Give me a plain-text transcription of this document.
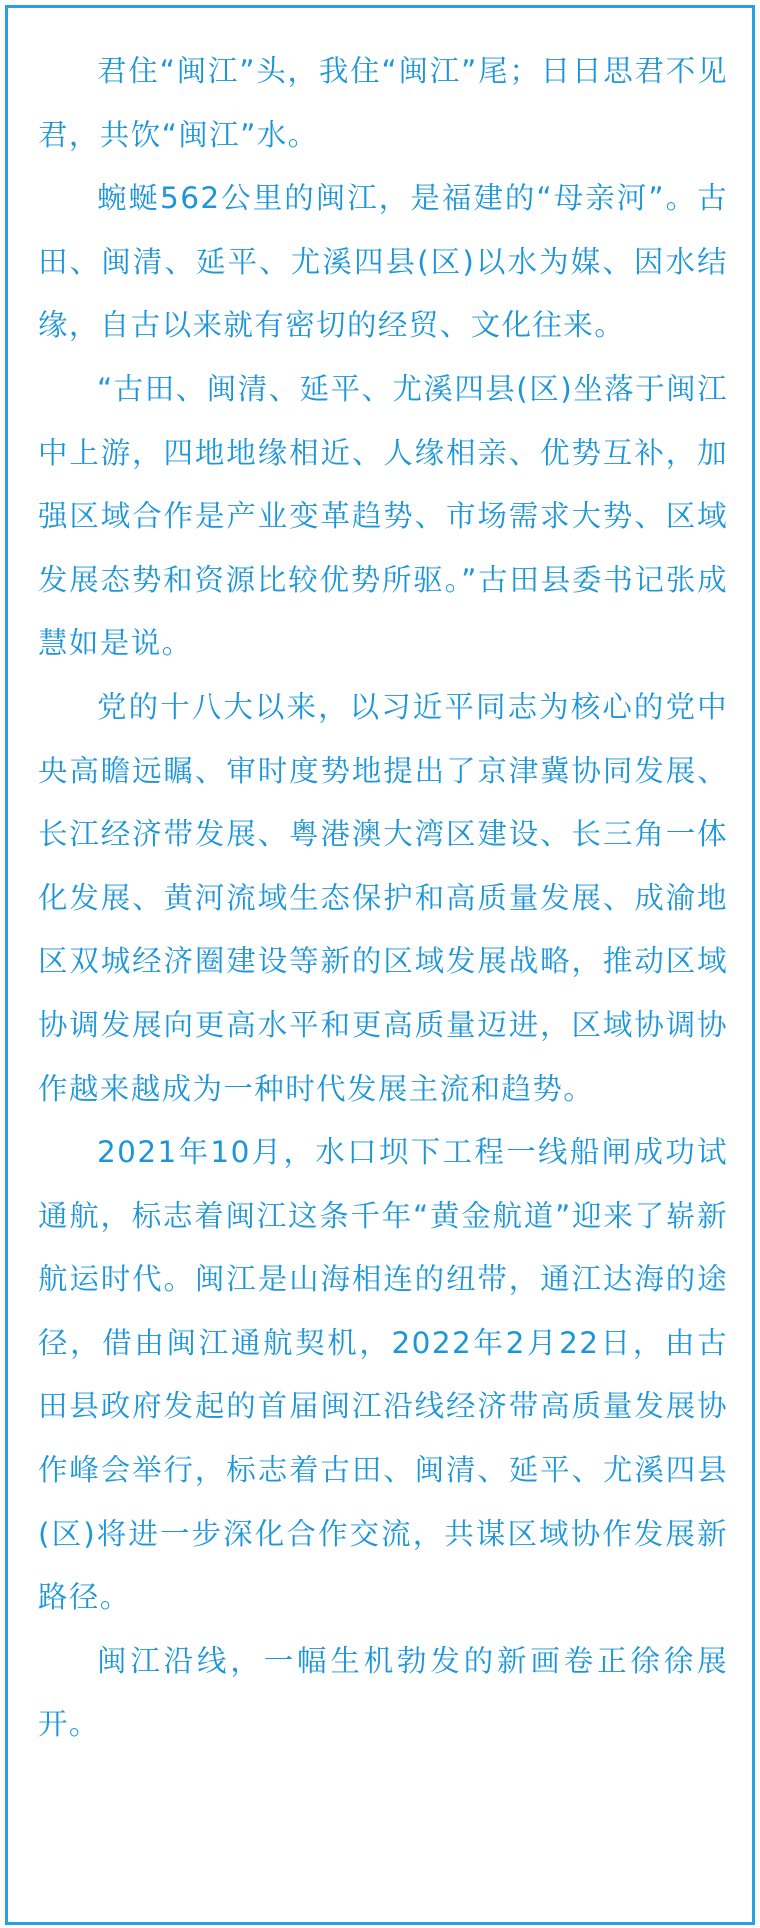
君住“闽江”头，我住“闽江”尾；日日思君不见君，共饮“闽江”水。

蜿蜒562公里的闽江，是福建的“母亲河”。古田、闽清、延平、尤溪四县(区)以水为媒、因水结缘，自古以来就有密切的经贸、文化往来。

“古田、闽清、延平、尤溪四县(区)坐落于闽江中上游，四地地缘相近、人缘相亲、优势互补，加强区域合作是产业变革趋势、市场需求大势、区域发展态势和资源比较优势所驱。”古田县委书记张成慧如是说。

党的十八大以来，以习近平同志为核心的党中央高瞻远瞩、审时度势地提出了京津冀协同发展、长江经济带发展、粤港澳大湾区建设、长三角一体化发展、黄河流域生态保护和高质量发展、成渝地区双城经济圈建设等新的区域发展战略，推动区域协调发展向更高水平和更高质量迈进，区域协调协作越来越成为一种时代发展主流和趋势。

2021年10月，水口坝下工程一线船闸成功试通航，标志着闽江这条千年“黄金航道”迎来了崭新航运时代。闽江是山海相连的纽带，通江达海的途径，借由闽江通航契机，2022年2月22日，由古田县政府发起的首届闽江沿线经济带高质量发展协作峰会举行，标志着古田、闽清、延平、尤溪四县(区)将进一步深化合作交流，共谋区域协作发展新路径。

闽江沿线，一幅生机勃发的新画卷正徐徐展开。
